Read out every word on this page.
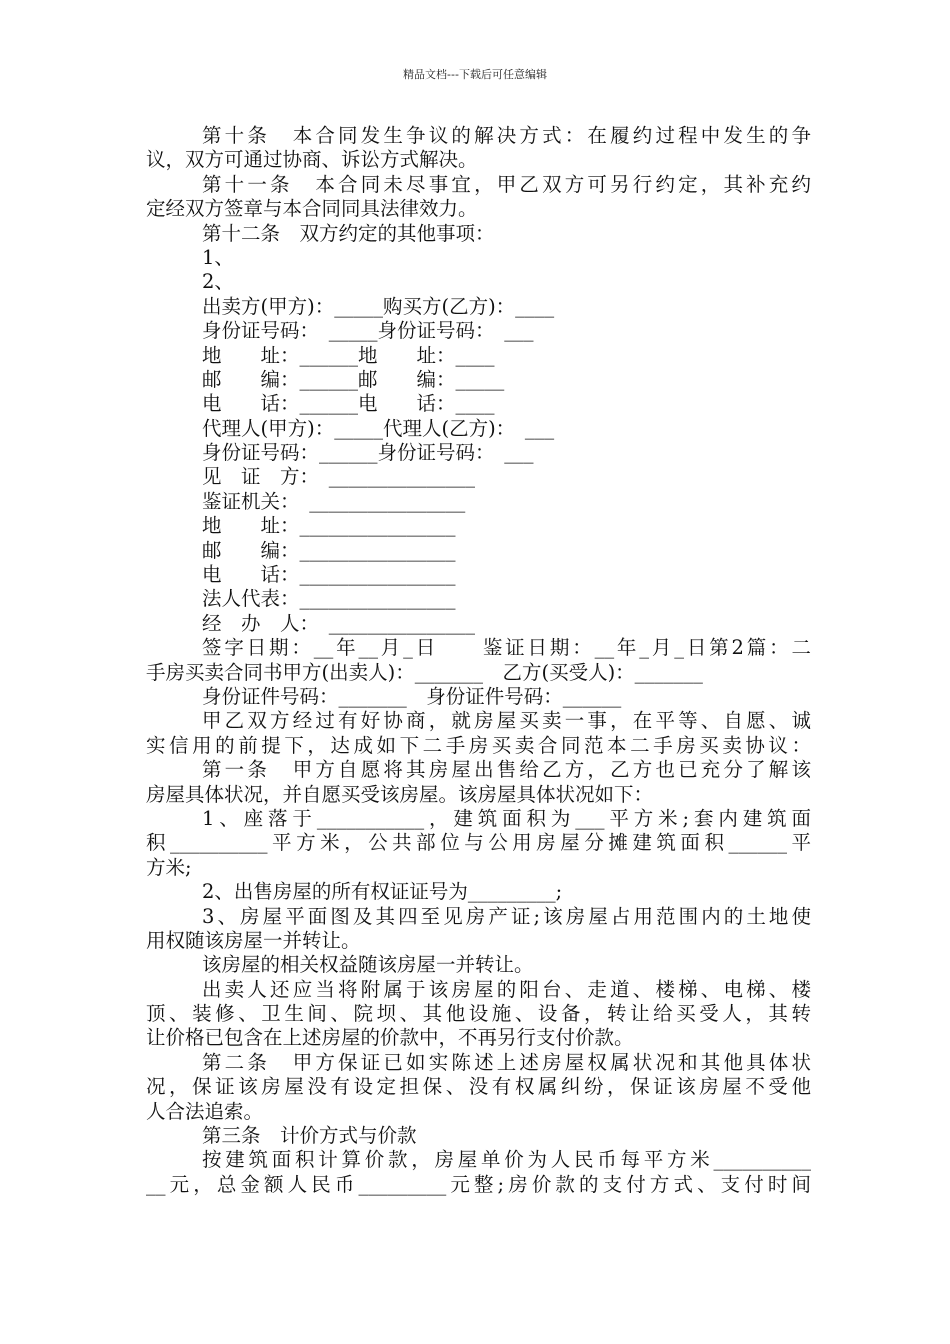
精品文档---下载后可任意编辑
第十条　本合同发生争议的解决方式：在履约过程中发生的争
议，双方可通过协商、诉讼方式解决。
第十一条　本合同未尽事宜，甲乙双方可另行约定，其补充约
定经双方签章与本合同同具法律效力。
第十二条　双方约定的其他事项：
1、
2、
出卖方(甲方)：_____购买方(乙方)：____
身份证号码：　_____身份证号码：　___
地　　址：______地　　址：____
邮　　编：______邮　　编：_____
电　　话：______电　　话：____
代理人(甲方)：_____代理人(乙方)：　___
身份证号码：______身份证号码：　___
见　证　方：　_______________
鉴证机关：　________________
地　　址：________________
邮　　编：________________
电　　话：________________
法人代表：________________
经　办　人：　_______________
签字日期：__年__月_日　　鉴证日期：__年_月_日第2篇：二
手房买卖合同书甲方(出卖人)：_______　乙方(买受人)：_______
身份证件号码：_______　身份证件号码：______
甲乙双方经过有好协商，就房屋买卖一事，在平等、自愿、诚
实信用的前提下，达成如下二手房买卖合同范本二手房买卖协议：
第一条　甲方自愿将其房屋出售给乙方，乙方也已充分了解该
房屋具体状况，并自愿买受该房屋。该房屋具体状况如下：
1、座落于___________，建筑面积为___平方米;套内建筑面
积__________平方米，公共部位与公用房屋分摊建筑面积______平
方米;
2、出售房屋的所有权证证号为_________;
3、房屋平面图及其四至见房产证;该房屋占用范围内的土地使
用权随该房屋一并转让。
该房屋的相关权益随该房屋一并转让。
出卖人还应当将附属于该房屋的阳台、走道、楼梯、电梯、楼
顶、装修、卫生间、院坝、其他设施、设备，转让给买受人，其转
让价格已包含在上述房屋的价款中，不再另行支付价款。
第二条　甲方保证已如实陈述上述房屋权属状况和其他具体状
况，保证该房屋没有设定担保、没有权属纠纷，保证该房屋不受他
人合法追索。
第三条　计价方式与价款
按建筑面积计算价款，房屋单价为人民币每平方米__________
__元，总金额人民币_________元整;房价款的支付方式、支付时间
